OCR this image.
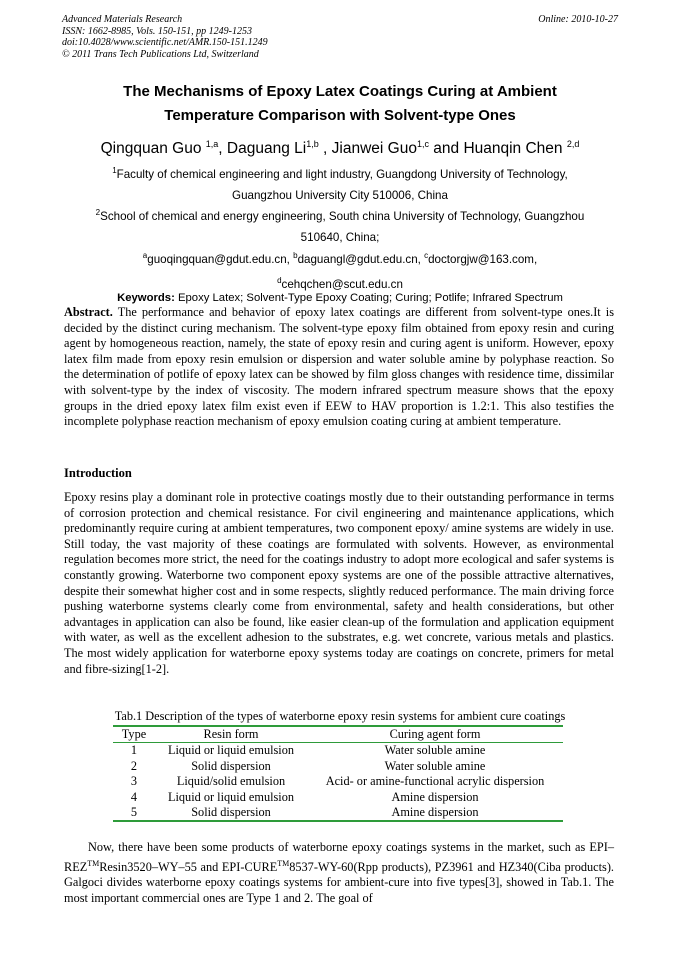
Advanced Materials Research
ISSN: 1662-8985, Vols. 150-151, pp 1249-1253
doi:10.4028/www.scientific.net/AMR.150-151.1249
© 2011 Trans Tech Publications Ltd, Switzerland
Online: 2010-10-27
The Mechanisms of Epoxy Latex Coatings Curing at Ambient
Temperature Comparison with Solvent-type Ones
Qingquan Guo $^{1,a}$, Daguang Li$^{1,b}$ , Jianwei Guo$^{1,c}$ and Huanqin Chen $^{2,d}$
$^1$Faculty of chemical engineering and light industry, Guangdong University of Technology,
Guangzhou University City 510006, China
$^2$School of chemical and energy engineering, South china University of Technology, Guangzhou
510640, China;
$^a$guoqingquan@gdut.edu.cn, $^b$daguangl@gdut.edu.cn, $^c$doctorgjw@163.com,
$^d$cehqchen@scut.edu.cn
Keywords: Epoxy Latex; Solvent-Type Epoxy Coating; Curing; Potlife; Infrared Spectrum
Abstract. The performance and behavior of epoxy latex coatings are different from solvent-type ones.It is decided by the distinct curing mechanism. The solvent-type epoxy film obtained from epoxy resin and curing agent by homogeneous reaction, namely, the state of epoxy resin and curing agent is uniform. However, epoxy latex film made from epoxy resin emulsion or dispersion and water soluble amine by polyphase reaction. So the determination of potlife of epoxy latex can be showed by film gloss changes with residence time, dissimilar with solvent-type by the index of viscosity. The modern infrared spectrum measure shows that the epoxy groups in the dried epoxy latex film exist even if EEW to HAV proportion is 1.2:1. This also testifies the incomplete polyphase reaction mechanism of epoxy emulsion coating curing at ambient temperature.
Introduction
Epoxy resins play a dominant role in protective coatings mostly due to their outstanding performance in terms of corrosion protection and chemical resistance. For civil engineering and maintenance applications, which predominantly require curing at ambient temperatures, two component epoxy/ amine systems are widely in use. Still today, the vast majority of these coatings are formulated with solvents. However, as environmental regulation becomes more strict, the need for the coatings industry to adopt more ecological and safer systems is constantly growing. Waterborne two component epoxy systems are one of the possible attractive alternatives, despite their somewhat higher cost and in some respects, slightly reduced performance. The main driving force pushing waterborne systems clearly come from environmental, safety and health considerations, but other advantages in application can also be found, like easier clean-up of the formulation and application equipment with water, as well as the excellent adhesion to the substrates, e.g. wet concrete, various metals and plastics. The most widely application for waterborne epoxy systems today are coatings on concrete, primers for metal and fibre-sizing[1-2].
Tab.1 Description of the types of waterborne epoxy resin systems for ambient cure coatings
Type	Resin form	Curing agent form
1	Liquid or liquid emulsion	Water soluble amine
2	Solid dispersion	Water soluble amine
3	Liquid/solid emulsion	Acid- or amine-functional acrylic dispersion
4	Liquid or liquid emulsion	Amine dispersion
5	Solid dispersion	Amine dispersion
Now, there have been some products of waterborne epoxy coatings systems in the market, such as EPI–REZ™Resin3520–WY–55 and EPI-CURE™8537-WY-60(Rpp products), PZ3961 and HZ340(Ciba products). Galgoci divides waterborne epoxy coatings systems for ambient-cure into five types[3], showed in Tab.1. The most important commercial ones are Type 1 and 2. The goal of
